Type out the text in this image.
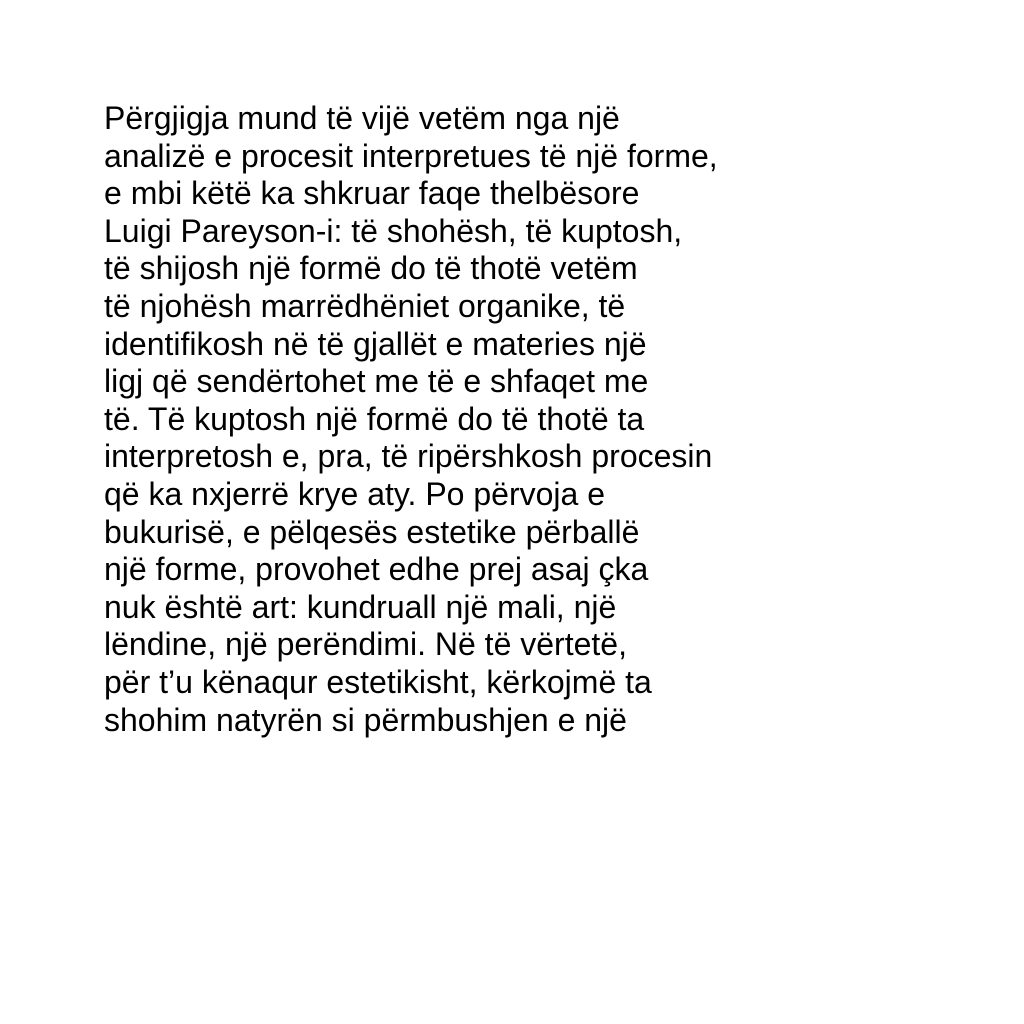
Përgjigja mund të vijë vetëm nga një

analizë e procesit interpretues të një forme,

e mbi këtë ka shkruar faqe thelbësore

Luigi Pareyson-i: të shohësh, të kuptosh,

të shijosh një formë do të thotë vetëm

të njohësh marrëdhëniet organike, të

identifikosh në të gjallët e materies një

ligj që sendërtohet me të e shfaqet me

të. Të kuptosh një formë do të thotë ta

interpretosh e, pra, të ripërshkosh procesin

që ka nxjerrë krye aty. Po përvoja e

bukurisë, e pëlqesës estetike përballë

një forme, provohet edhe prej asaj çka

nuk është art: kundruall një mali, një

lëndine, një perëndimi. Në të vërtetë,

për t’u kënaqur estetikisht, kërkojmë ta

shohim natyrën si përmbushjen e një
